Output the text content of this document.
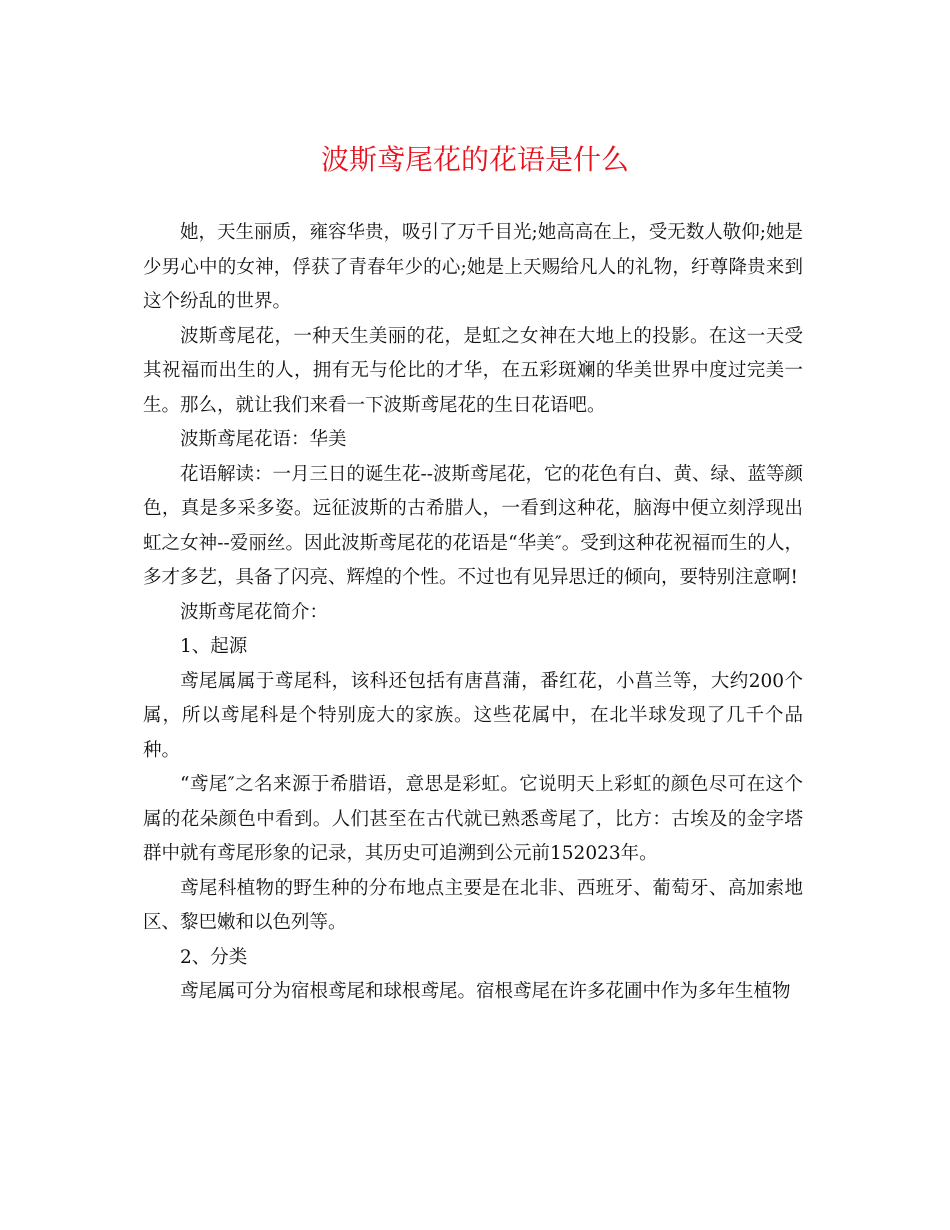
波斯鸢尾花的花语是什么

她，天生丽质，雍容华贵，吸引了万千目光;她高高在上，受无数人敬仰;她是少男心中的女神，俘获了青春年少的心;她是上天赐给凡人的礼物，纡尊降贵来到这个纷乱的世界。

波斯鸢尾花，一种天生美丽的花，是虹之女神在大地上的投影。在这一天受其祝福而出生的人，拥有无与伦比的才华，在五彩斑斓的华美世界中度过完美一生。那么，就让我们来看一下波斯鸢尾花的生日花语吧。

波斯鸢尾花语：华美

花语解读：一月三日的诞生花--波斯鸢尾花，它的花色有白、黄、绿、蓝等颜色，真是多采多姿。远征波斯的古希腊人，一看到这种花，脑海中便立刻浮现出虹之女神--爱丽丝。因此波斯鸢尾花的花语是“华美″。受到这种花祝福而生的人，多才多艺，具备了闪亮、辉煌的个性。不过也有见异思迁的倾向，要特别注意啊!

波斯鸢尾花简介：

1、起源

鸢尾属属于鸢尾科，该科还包括有唐菖蒲，番红花，小菖兰等，大约200个属，所以鸢尾科是个特别庞大的家族。这些花属中，在北半球发现了几千个品种。

“鸢尾″之名来源于希腊语，意思是彩虹。它说明天上彩虹的颜色尽可在这个属的花朵颜色中看到。人们甚至在古代就已熟悉鸢尾了，比方：古埃及的金字塔群中就有鸢尾形象的记录，其历史可追溯到公元前152023年。

鸢尾科植物的野生种的分布地点主要是在北非、西班牙、葡萄牙、高加索地区、黎巴嫩和以色列等。

2、分类

鸢尾属可分为宿根鸢尾和球根鸢尾。宿根鸢尾在许多花圃中作为多年生植物
